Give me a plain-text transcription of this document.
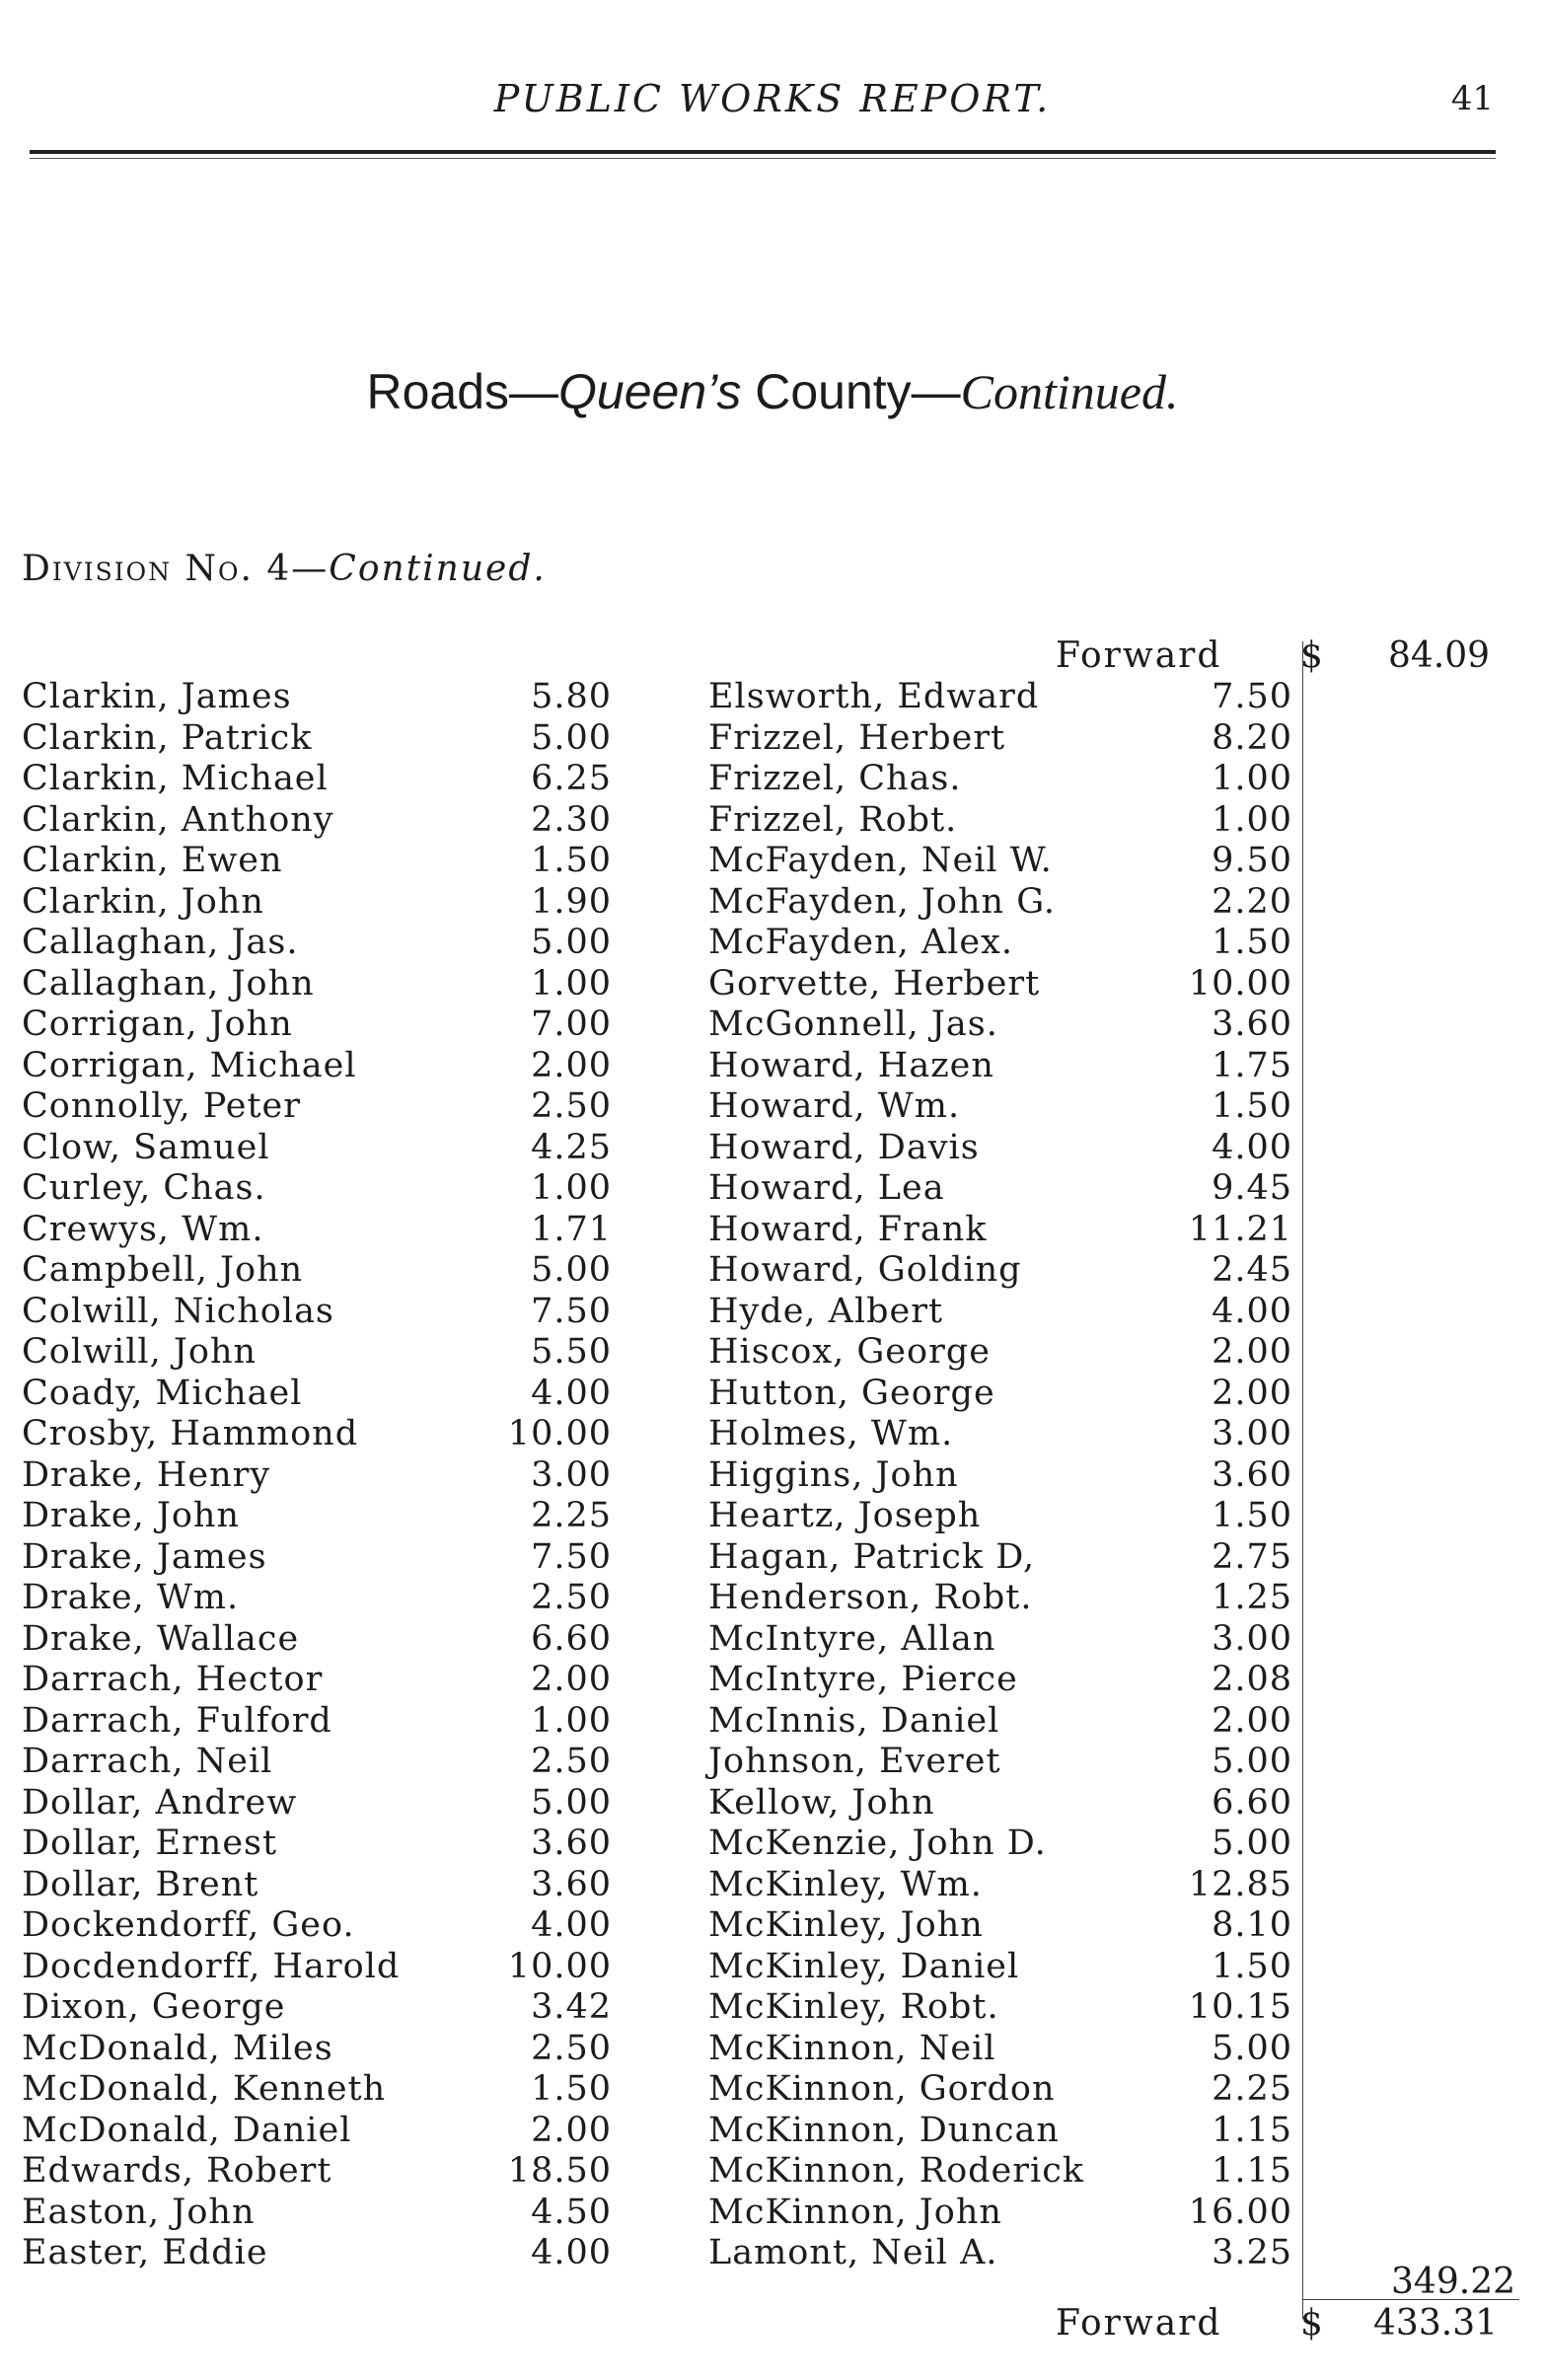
PUBLIC WORKS REPORT.	41
Roads—Queen’s County—Continued.
Division No. 4—Continued.
Forward $ 84.09
Clarkin, James	5.80
Clarkin, Patrick	5.00
Clarkin, Michael	6.25
Clarkin, Anthony	2.30
Clarkin, Ewen	1.50
Clarkin, John	1.90
Callaghan, Jas.	5.00
Callaghan, John	1.00
Corrigan, John	7.00
Corrigan, Michael	2.00
Connolly, Peter	2.50
Clow, Samuel	4.25
Curley, Chas.	1.00
Crewys, Wm.	1.71
Campbell, John	5.00
Colwill, Nicholas	7.50
Colwill, John	5.50
Coady, Michael	4.00
Crosby, Hammond	10.00
Drake, Henry	3.00
Drake, John	2.25
Drake, James	7.50
Drake, Wm.	2.50
Drake, Wallace	6.60
Darrach, Hector	2.00
Darrach, Fulford	1.00
Darrach, Neil	2.50
Dollar, Andrew	5.00
Dollar, Ernest	3.60
Dollar, Brent	3.60
Dockendorff, Geo.	4.00
Docdendorff, Harold	10.00
Dixon, George	3.42
McDonald, Miles	2.50
McDonald, Kenneth	1.50
McDonald, Daniel	2.00
Edwards, Robert	18.50
Easton, John	4.50
Easter, Eddie	4.00
Elsworth, Edward	7.50
Frizzel, Herbert	8.20
Frizzel, Chas.	1.00
Frizzel, Robt.	1.00
McFayden, Neil W.	9.50
McFayden, John G.	2.20
McFayden, Alex.	1.50
Gorvette, Herbert	10.00
McGonnell, Jas.	3.60
Howard, Hazen	1.75
Howard, Wm.	1.50
Howard, Davis	4.00
Howard, Lea	9.45
Howard, Frank	11.21
Howard, Golding	2.45
Hyde, Albert	4.00
Hiscox, George	2.00
Hutton, George	2.00
Holmes, Wm.	3.00
Higgins, John	3.60
Heartz, Joseph	1.50
Hagan, Patrick D,	2.75
Henderson, Robt.	1.25
McIntyre, Allan	3.00
McIntyre, Pierce	2.08
McInnis, Daniel	2.00
Johnson, Everet	5.00
Kellow, John	6.60
McKenzie, John D.	5.00
McKinley, Wm.	12.85
McKinley, John	8.10
McKinley, Daniel	1.50
McKinley, Robt.	10.15
McKinnon, Neil	5.00
McKinnon, Gordon	2.25
McKinnon, Duncan	1.15
McKinnon, Roderick	1.15
McKinnon, John	16.00
Lamont, Neil A.	3.25
349.22
Forward $ 433.31
